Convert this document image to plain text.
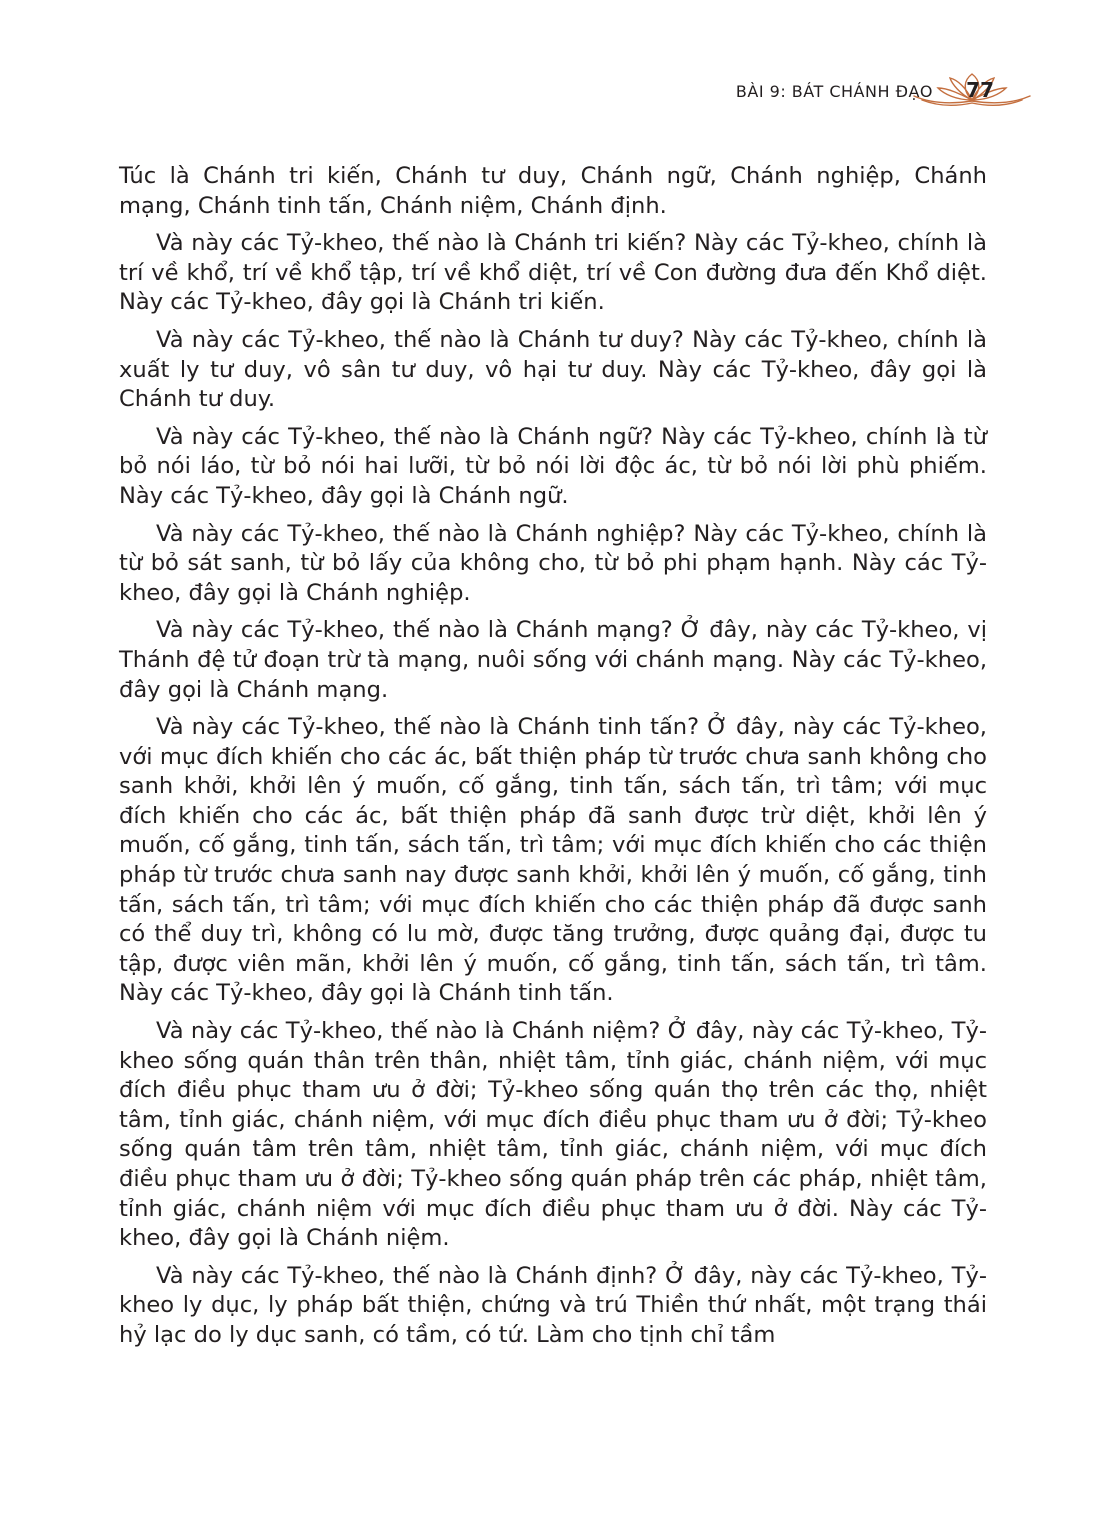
BÀI 9: BÁT CHÁNH ĐẠO 77

Túc là Chánh tri kiến, Chánh tư duy, Chánh ngữ, Chánh nghiệp, Chánh mạng, Chánh tinh tấn, Chánh niệm, Chánh định.

Và này các Tỷ-kheo, thế nào là Chánh tri kiến? Này các Tỷ-kheo, chính là trí về khổ, trí về khổ tập, trí về khổ diệt, trí về Con đường đưa đến Khổ diệt. Này các Tỷ-kheo, đây gọi là Chánh tri kiến.

Và này các Tỷ-kheo, thế nào là Chánh tư duy? Này các Tỷ-kheo, chính là xuất ly tư duy, vô sân tư duy, vô hại tư duy. Này các Tỷ-kheo, đây gọi là Chánh tư duy.

Và này các Tỷ-kheo, thế nào là Chánh ngữ? Này các Tỷ-kheo, chính là từ bỏ nói láo, từ bỏ nói hai lưỡi, từ bỏ nói lời độc ác, từ bỏ nói lời phù phiếm. Này các Tỷ-kheo, đây gọi là Chánh ngữ.

Và này các Tỷ-kheo, thế nào là Chánh nghiệp? Này các Tỷ-kheo, chính là từ bỏ sát sanh, từ bỏ lấy của không cho, từ bỏ phi phạm hạnh. Này các Tỷ-kheo, đây gọi là Chánh nghiệp.

Và này các Tỷ-kheo, thế nào là Chánh mạng? Ở đây, này các Tỷ-kheo, vị Thánh đệ tử đoạn trừ tà mạng, nuôi sống với chánh mạng. Này các Tỷ-kheo, đây gọi là Chánh mạng.

Và này các Tỷ-kheo, thế nào là Chánh tinh tấn? Ở đây, này các Tỷ-kheo, với mục đích khiến cho các ác, bất thiện pháp từ trước chưa sanh không cho sanh khởi, khởi lên ý muốn, cố gắng, tinh tấn, sách tấn, trì tâm; với mục đích khiến cho các ác, bất thiện pháp đã sanh được trừ diệt, khởi lên ý muốn, cố gắng, tinh tấn, sách tấn, trì tâm; với mục đích khiến cho các thiện pháp từ trước chưa sanh nay được sanh khởi, khởi lên ý muốn, cố gắng, tinh tấn, sách tấn, trì tâm; với mục đích khiến cho các thiện pháp đã được sanh có thể duy trì, không có lu mờ, được tăng trưởng, được quảng đại, được tu tập, được viên mãn, khởi lên ý muốn, cố gắng, tinh tấn, sách tấn, trì tâm. Này các Tỷ-kheo, đây gọi là Chánh tinh tấn.

Và này các Tỷ-kheo, thế nào là Chánh niệm? Ở đây, này các Tỷ-kheo, Tỷ-kheo sống quán thân trên thân, nhiệt tâm, tỉnh giác, chánh niệm, với mục đích điều phục tham ưu ở đời; Tỷ-kheo sống quán thọ trên các thọ, nhiệt tâm, tỉnh giác, chánh niệm, với mục đích điều phục tham ưu ở đời; Tỷ-kheo sống quán tâm trên tâm, nhiệt tâm, tỉnh giác, chánh niệm, với mục đích điều phục tham ưu ở đời; Tỷ-kheo sống quán pháp trên các pháp, nhiệt tâm, tỉnh giác, chánh niệm với mục đích điều phục tham ưu ở đời. Này các Tỷ-kheo, đây gọi là Chánh niệm.

Và này các Tỷ-kheo, thế nào là Chánh định? Ở đây, này các Tỷ-kheo, Tỷ-kheo ly dục, ly pháp bất thiện, chứng và trú Thiền thứ nhất, một trạng thái hỷ lạc do ly dục sanh, có tầm, có tứ. Làm cho tịnh chỉ tầm
